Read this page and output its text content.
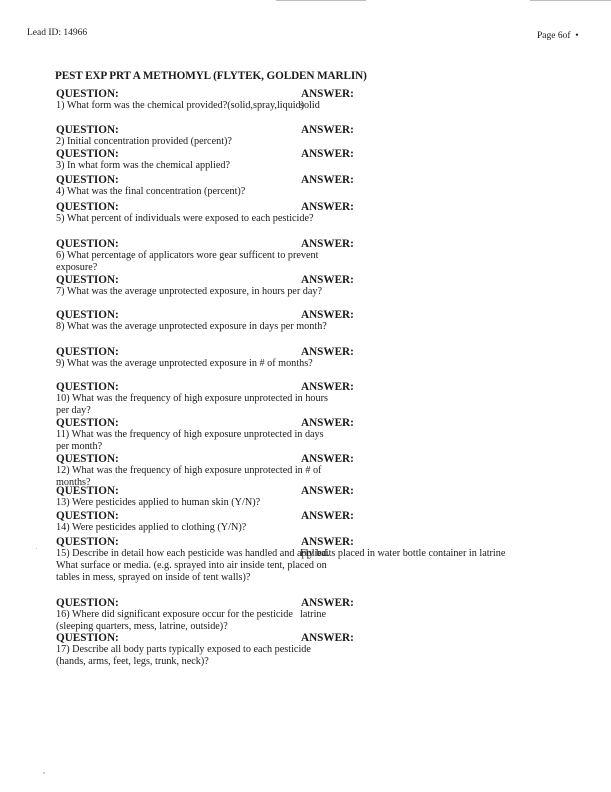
Lead ID: 14966	Page 6of  •
PEST EXP PRT A METHOMYL (FLYTEK, GOLDEN MARLIN)
QUESTION:	ANSWER:
1) What form was the chemical provided?(solid,spray,liquid)
solid
QUESTION:	ANSWER:
2) Initial concentration provided (percent)?
QUESTION:	ANSWER:
3) In what form was the chemical applied?
QUESTION:	ANSWER:
4) What was the final concentration (percent)?
QUESTION:	ANSWER:
5) What percent of individuals were exposed to each pesticide?
QUESTION:	ANSWER:
6) What percentage of applicators wore gear sufficent to prevent exposure?
QUESTION:	ANSWER:
7) What was the average unprotected exposure, in hours per day?
QUESTION:	ANSWER:
8) What was the average unprotected exposure in days per month?
QUESTION:	ANSWER:
9) What was the average unprotected exposure in # of months?
QUESTION:	ANSWER:
10) What was the frequency of high exposure unprotected in hours per day?
QUESTION:	ANSWER:
11) What was the frequency of high exposure unprotected in days per month?
QUESTION:	ANSWER:
12) What was the frequency of high exposure unprotected in # of months?
QUESTION:	ANSWER:
13) Were pesticides applied to human skin (Y/N)?
QUESTION:	ANSWER:
14) Were pesticides applied to clothing (Y/N)?
QUESTION:	ANSWER:
15) Describe in detail how each pesticide was handled and applied. What surface or media. (e.g. sprayed into air inside tent, placed on tables in mess, sprayed on inside of tent walls)?
Fly baits placed in water bottle container in latrine
QUESTION:	ANSWER:
16) Where did significant exposure occur for the pesticide (sleeping quarters, mess, latrine, outside)?
latrine
QUESTION:	ANSWER:
17) Describe all body parts typically exposed to each pesticide (hands, arms, feet, legs, trunk, neck)?
